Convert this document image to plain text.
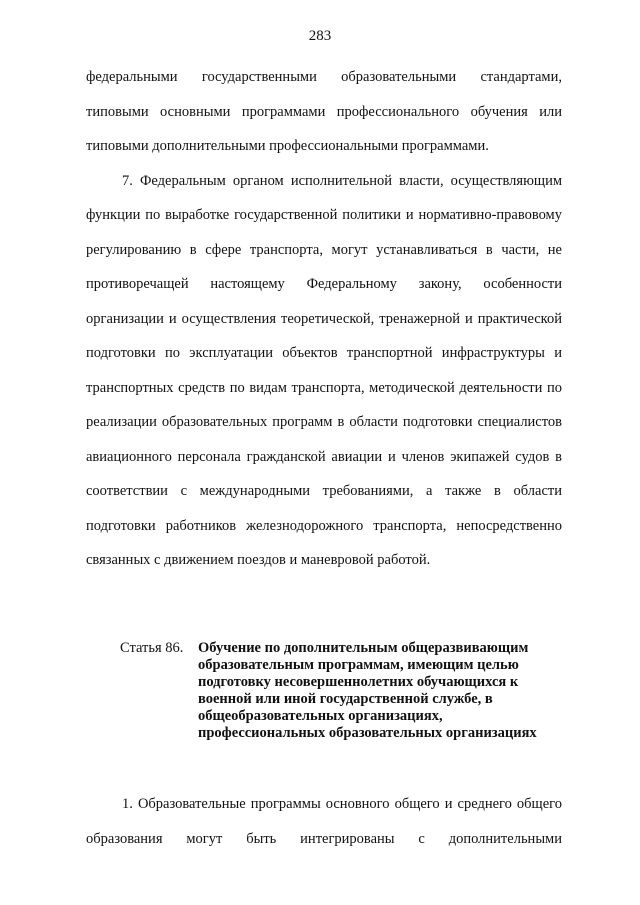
283

федеральными государственными образовательными стандартами, типовыми основными программами профессионального обучения или типовыми дополнительными профессиональными программами.

7. Федеральным органом исполнительной власти, осуществляющим функции по выработке государственной политики и нормативно-правовому регулированию в сфере транспорта, могут устанавливаться в части, не противоречащей настоящему Федеральному закону, особенности организации и осуществления теоретической, тренажерной и практической подготовки по эксплуатации объектов транспортной инфраструктуры и транспортных средств по видам транспорта, методической деятельности по реализации образовательных программ в области подготовки специалистов авиационного персонала гражданской авиации и членов экипажей судов в соответствии с международными требованиями, а также в области подготовки работников железнодорожного транспорта, непосредственно связанных с движением поездов и маневровой работой.

Статья 86.	Обучение по дополнительным общеразвивающим образовательным программам, имеющим целью подготовку несовершеннолетних обучающихся к военной или иной государственной службе, в общеобразовательных организациях, профессиональных образовательных организациях

1. Образовательные программы основного общего и среднего общего образования могут быть интегрированы с дополнительными
